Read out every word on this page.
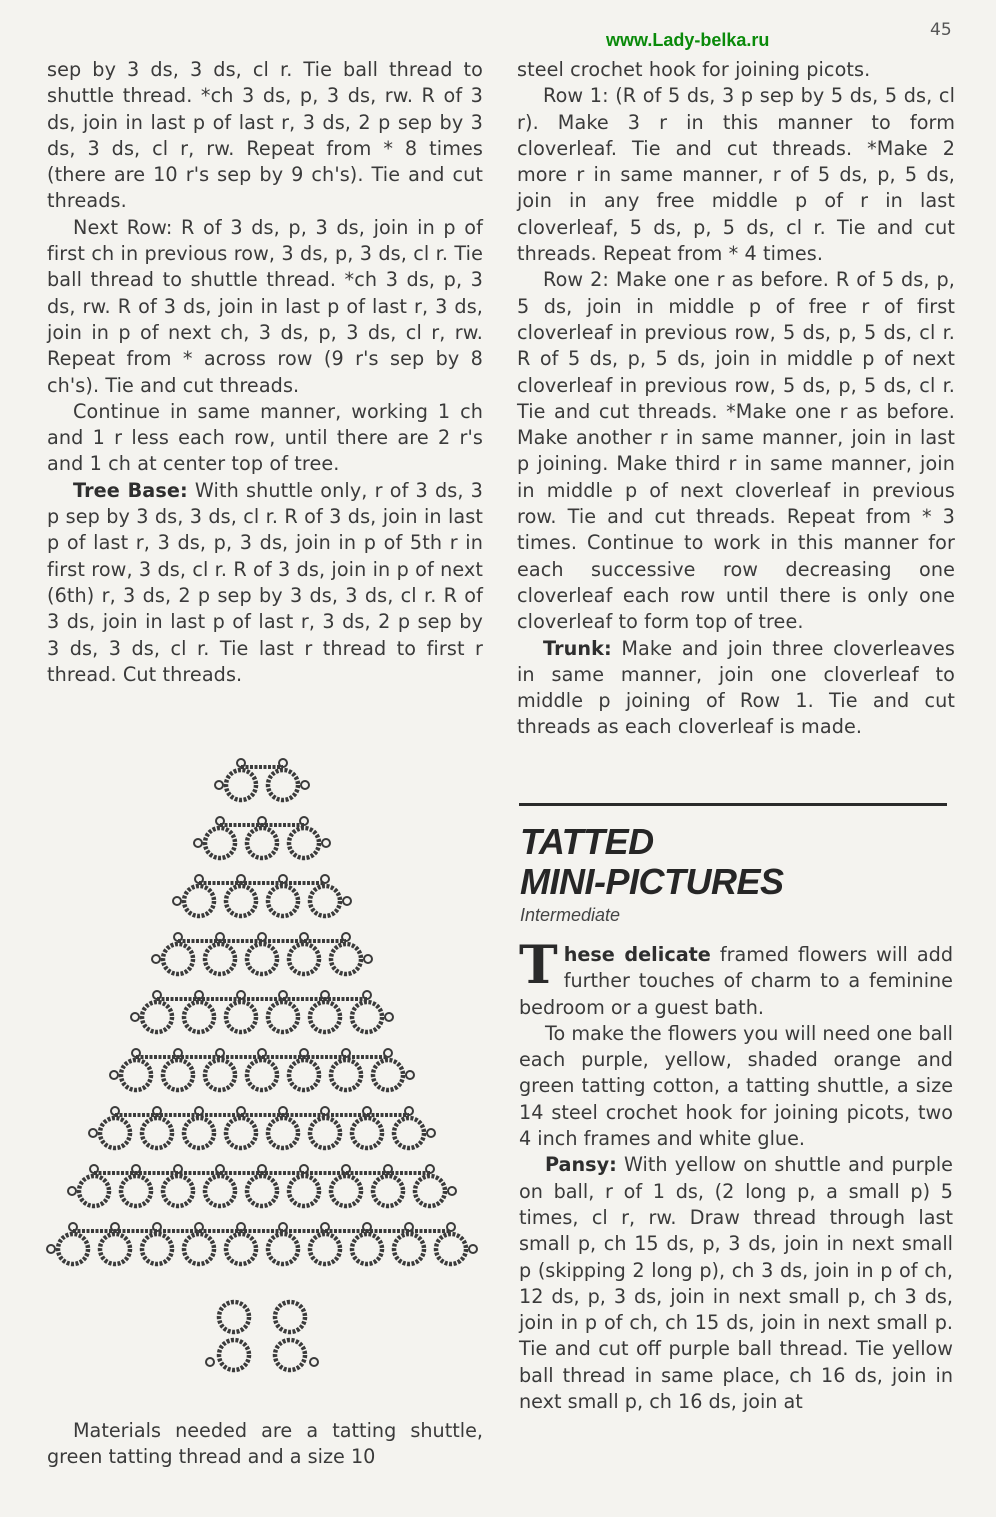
www.Lady-belka.ru	45

sep by 3 ds, 3 ds, cl r. Tie ball thread to shuttle thread. *ch 3 ds, p, 3 ds, rw. R of 3 ds, join in last p of last r, 3 ds, 2 p sep by 3 ds, 3 ds, cl r, rw. Repeat from * 8 times (there are 10 r's sep by 9 ch's). Tie and cut threads.

Next Row: R of 3 ds, p, 3 ds, join in p of first ch in previous row, 3 ds, p, 3 ds, cl r. Tie ball thread to shuttle thread. *ch 3 ds, p, 3 ds, rw. R of 3 ds, join in last p of last r, 3 ds, join in p of next ch, 3 ds, p, 3 ds, cl r, rw. Repeat from * across row (9 r's sep by 8 ch's). Tie and cut threads.

Continue in same manner, working 1 ch and 1 r less each row, until there are 2 r's and 1 ch at center top of tree.

Tree Base: With shuttle only, r of 3 ds, 3 p sep by 3 ds, 3 ds, cl r. R of 3 ds, join in last p of last r, 3 ds, p, 3 ds, join in p of 5th r in first row, 3 ds, cl r. R of 3 ds, join in p of next (6th) r, 3 ds, 2 p sep by 3 ds, 3 ds, cl r. R of 3 ds, join in last p of last r, 3 ds, 2 p sep by 3 ds, 3 ds, cl r. Tie last r thread to first r thread. Cut threads.

Materials needed are a tatting shuttle, green tatting thread and a size 10

steel crochet hook for joining picots.

Row 1: (R of 5 ds, 3 p sep by 5 ds, 5 ds, cl r). Make 3 r in this manner to form cloverleaf. Tie and cut threads. *Make 2 more r in same manner, r of 5 ds, p, 5 ds, join in any free middle p of r in last cloverleaf, 5 ds, p, 5 ds, cl r. Tie and cut threads. Repeat from * 4 times.

Row 2: Make one r as before. R of 5 ds, p, 5 ds, join in middle p of free r of first cloverleaf in previous row, 5 ds, p, 5 ds, cl r. R of 5 ds, p, 5 ds, join in middle p of next cloverleaf in previous row, 5 ds, p, 5 ds, cl r. Tie and cut threads. *Make one r as before. Make another r in same manner, join in last p joining. Make third r in same manner, join in middle p of next cloverleaf in previous row. Tie and cut threads. Repeat from * 3 times. Continue to work in this manner for each successive row decreasing one cloverleaf each row until there is only one cloverleaf to form top of tree.

Trunk: Make and join three cloverleaves in same manner, join one cloverleaf to middle p joining of Row 1. Tie and cut threads as each cloverleaf is made.

TATTED
MINI-PICTURES
Intermediate

These delicate framed flowers will add further touches of charm to a feminine bedroom or a guest bath.

To make the flowers you will need one ball each purple, yellow, shaded orange and green tatting cotton, a tatting shuttle, a size 14 steel crochet hook for joining picots, two 4 inch frames and white glue.

Pansy: With yellow on shuttle and purple on ball, r of 1 ds, (2 long p, a small p) 5 times, cl r, rw. Draw thread through last small p, ch 15 ds, p, 3 ds, join in next small p (skipping 2 long p), ch 3 ds, join in p of ch, 12 ds, p, 3 ds, join in next small p, ch 3 ds, join in p of ch, ch 15 ds, join in next small p. Tie and cut off purple ball thread. Tie yellow ball thread in same place, ch 16 ds, join in next small p, ch 16 ds, join at
